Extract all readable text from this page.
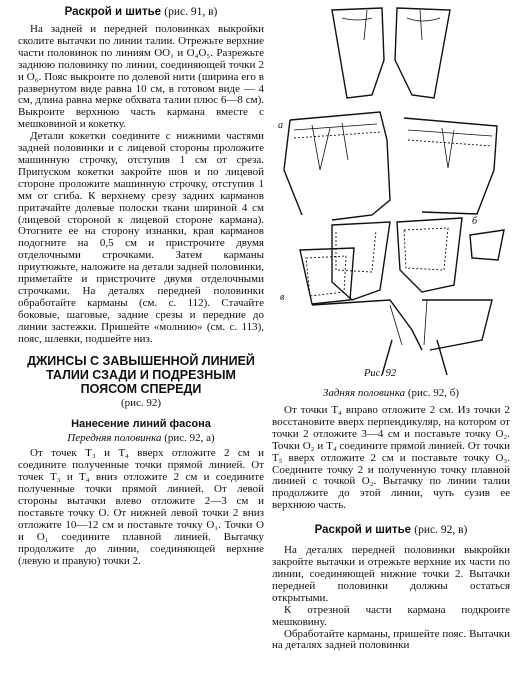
Раскрой и шитье (рис. 91, в)

На задней и передней половинках выкройки сколите вытачки по линии талии. Отрежьте верхние части половинок по линиям ОО₁ и О₄О₅. Разрежьте заднюю половинку по линии, соединяющей точки 2 и О₆. Пояс выкроите по долевой нити (ширина его в развернутом виде равна 10 см, в готовом виде — 4 см, длина равна мерке обхвата талии плюс 6—8 см). Выкроите верхнюю часть кармана вместе с мешковиной и кокетку.

Детали кокетки соедините с нижними частями задней половинки и с лицевой стороны проложите машинную строчку, отступив 1 см от среза. Припуском кокетки закройте шов и по лицевой стороне проложите машинную строчку, отступив 1 мм от сгиба. К верхнему срезу задних карманов притачайте долевые полоски ткани шириной 4 см (лицевой стороной к лицевой стороне кармана). Отогните ее на сторону изнанки, края карманов подогните на 0,5 см и пристрочите двумя отделочными строчками. Затем карманы приутюжьте, наложите на детали задней половинки, приметайте и пристрочите двумя отделочными строчками. На деталях передней половинки обработайте карманы (см. с. 112). Стачайте боковые, шаговые, задние срезы и передние до линии застежки. Пришейте «молнию» (см. с. 113), пояс, шлевки, подшейте низ.

ДЖИНСЫ С ЗАВЫШЕННОЙ ЛИНИЕЙ ТАЛИИ СЗАДИ И ПОДРЕЗНЫМ ПОЯСОМ СПЕРЕДИ
(рис. 92)
Нанесение линий фасона
Передняя половинка (рис. 92, а)

От точек Т₃ и Т₄ вверх отложите 2 см и соедините полученные точки прямой линией. От точек Т₃ и Т₄ вниз отложите 2 см и соедините полученные точки прямой линией. От левой стороны вытачки влево отложите 2—3 см и поставьте точку О. От нижней левой точки 2 вниз отложите 10—12 см и поставьте точку О₁. Точки О и О₁ соедините плавной линией. Вытачку продолжите до линии, соединяющей верхние (левую и правую) точки 2.

а
б
в
Рис. 92
Задняя половинка (рис. 92, б)

От точки Т₄ вправо отложите 2 см. Из точки 2 восстановите вверх перпендикуляр, на котором от точки 2 отложите 3—4 см и поставьте точку О₂. Точки О₂ и Т₄ соедините прямой линией. От точки Т₅ вверх отложите 2 см и поставьте точку О₃. Соедините точку 2 и полученную точку плавной линией с точкой О₂. Вытачку по линии талии продолжите до этой линии, чуть сузив ее верхнюю часть.

Раскрой и шитье (рис. 92, в)

На деталях передней половинки выкройки закройте вытачки и отрежьте верхние их части по линии, соединяющей нижние точки 2. Вытачки передней половинки должны остаться открытыми.

К отрезной части кармана подкроите мешковину.

Обработайте карманы, пришейте пояс. Вытачки на деталях задней половинки
